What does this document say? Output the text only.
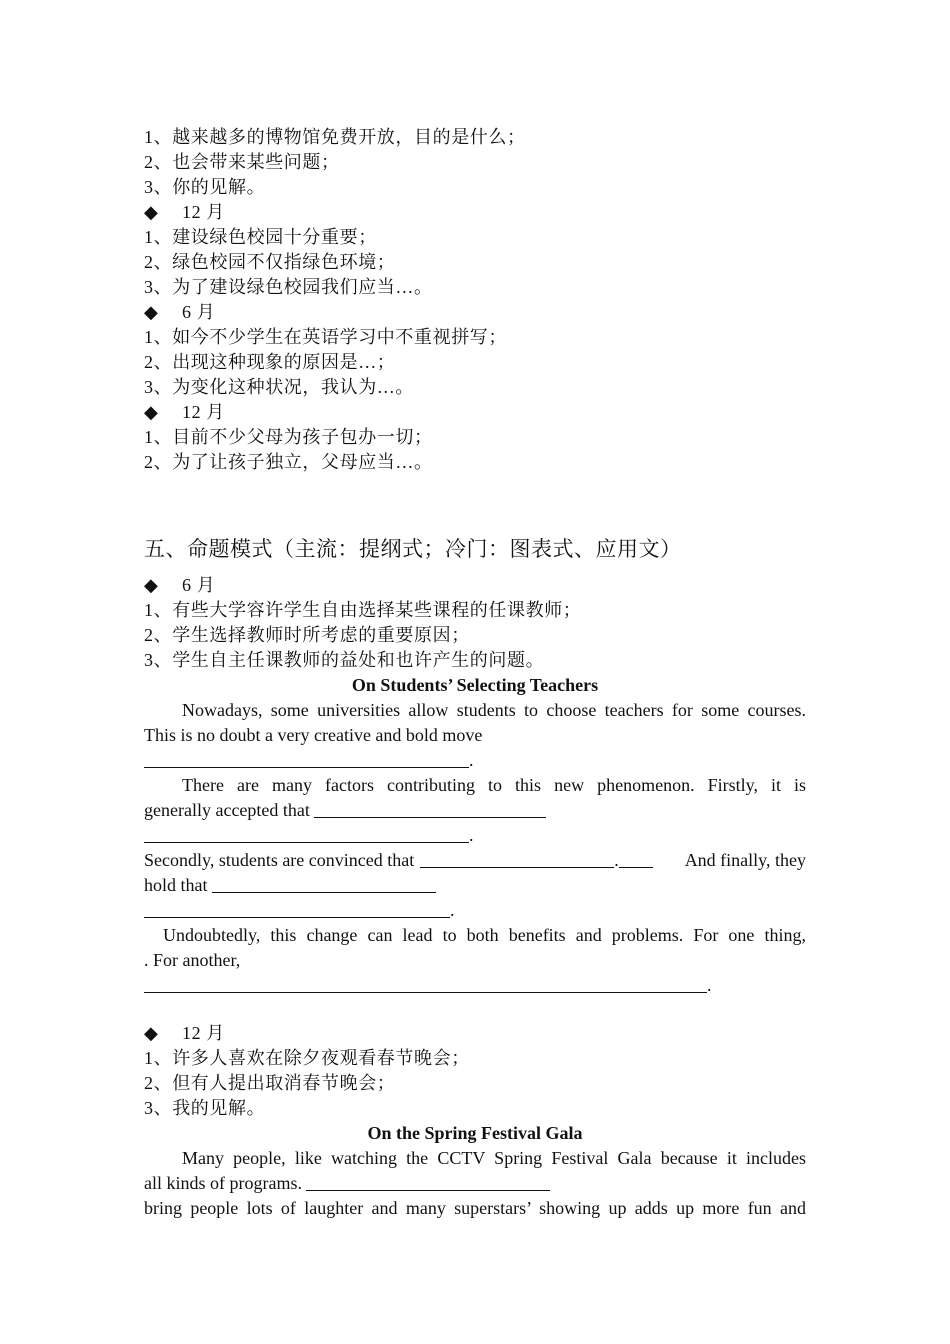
1、越来越多的博物馆免费开放，目的是什么；
2、也会带来某些问题；
3、你的见解。
◆ 12 月
1、建设绿色校园十分重要；
2、绿色校园不仅指绿色环境；
3、为了建设绿色校园我们应当…。
◆ 6 月
1、如今不少学生在英语学习中不重视拼写；
2、出现这种现象的原因是…；
3、为变化这种状况，我认为…。
◆ 12 月
1、目前不少父母为孩子包办一切；
2、为了让孩子独立，父母应当…。
五、命题模式（主流：提纲式；冷门：图表式、应用文）
◆ 6 月
1、有些大学容许学生自由选择某些课程的任课教师；
2、学生选择教师时所考虑的重要原因；
3、学生自主任课教师的益处和也许产生的问题。
On Students’ Selecting Teachers
Nowadays, some universities allow students to choose teachers for some courses.
This is no doubt a very creative and bold move
.
There are many factors contributing to this new phenomenon. Firstly, it is
generally accepted that
.
Secondly, students are convinced that	.	And finally, they
hold that
.
Undoubtedly, this change can lead to both benefits and problems. For one thing,
. For another,
.
◆ 12 月
1、许多人喜欢在除夕夜观看春节晚会；
2、但有人提出取消春节晚会；
3、我的见解。
On the Spring Festival Gala
Many people, like watching the CCTV Spring Festival Gala because it includes
all kinds of programs.
bring people lots of laughter and many superstars’ showing up adds up more fun and
